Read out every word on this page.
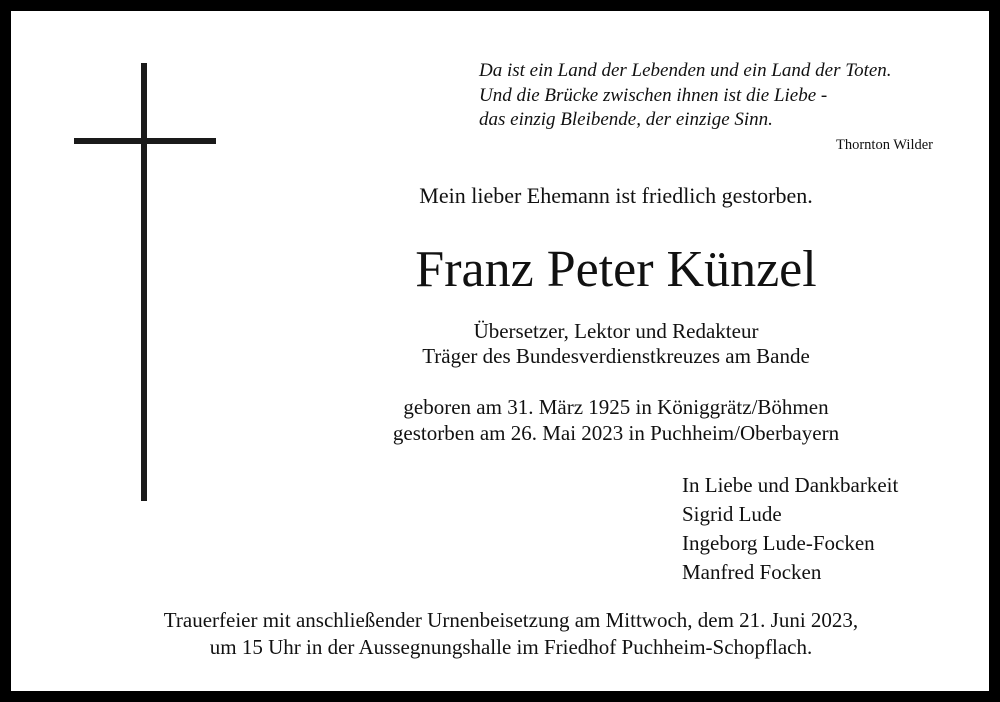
Da ist ein Land der Lebenden und ein Land der Toten.
Und die Brücke zwischen ihnen ist die Liebe -
das einzig Bleibende, der einzige Sinn.
Thornton Wilder
Mein lieber Ehemann ist friedlich gestorben.
Franz Peter Künzel
Übersetzer, Lektor und Redakteur
Träger des Bundesverdienstkreuzes am Bande
geboren am 31. März 1925 in Königgrätz/Böhmen
gestorben am 26. Mai 2023 in Puchheim/Oberbayern
In Liebe und Dankbarkeit
Sigrid Lude
Ingeborg Lude-Focken
Manfred Focken
Trauerfeier mit anschließender Urnenbeisetzung am Mittwoch, dem 21. Juni 2023,
um 15 Uhr in der Aussegnungshalle im Friedhof Puchheim-Schopflach.
